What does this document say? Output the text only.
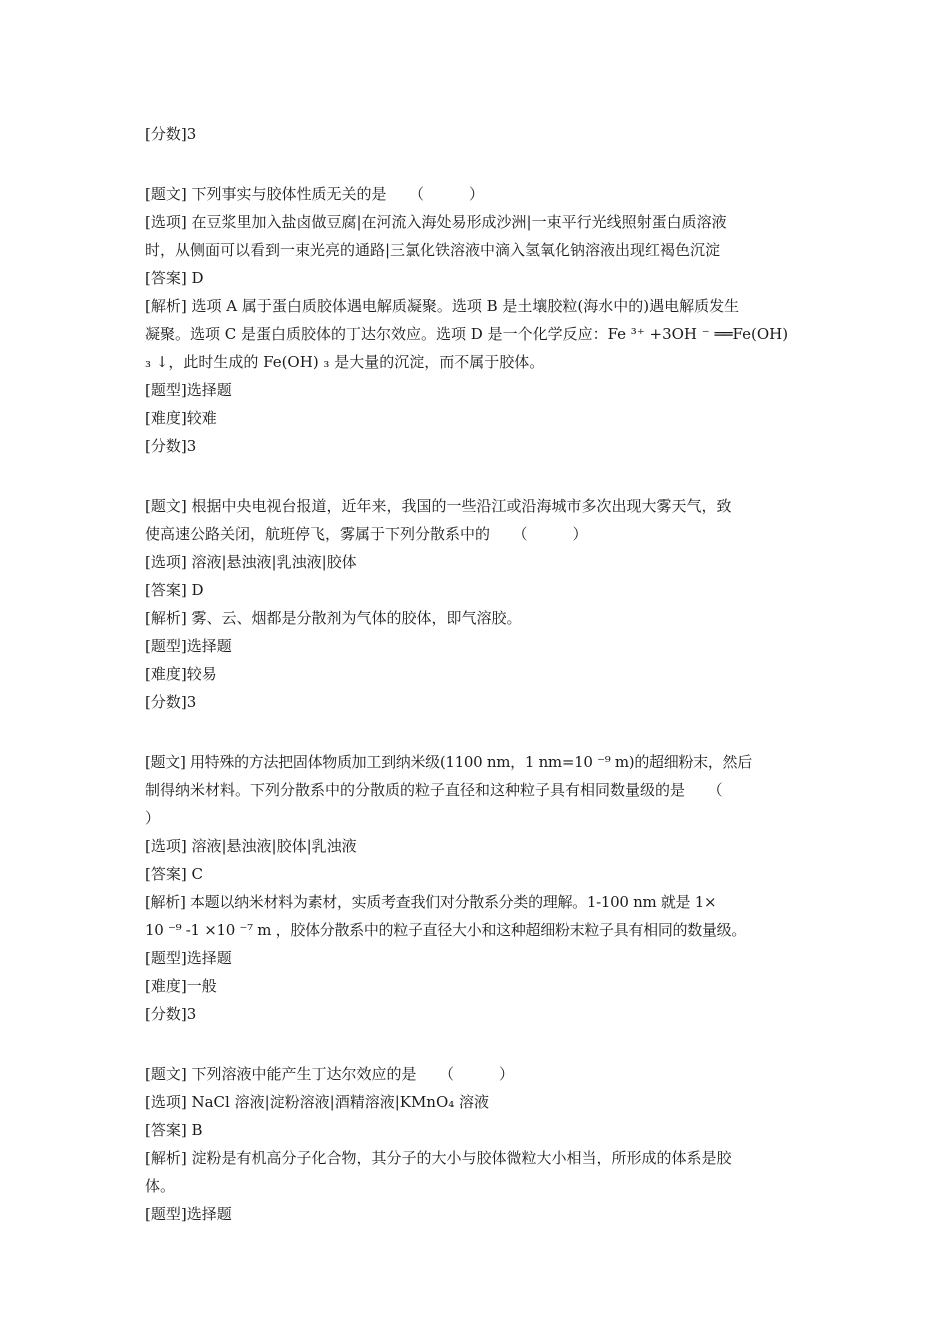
[分数]3
[题文] 下列事实与胶体性质无关的是　　（　　　）
[选项] 在豆浆里加入盐卤做豆腐|在河流入海处易形成沙洲|一束平行光线照射蛋白质溶液
时，从侧面可以看到一束光亮的通路|三氯化铁溶液中滴入氢氧化钠溶液出现红褐色沉淀
[答案] D
[解析] 选项 A 属于蛋白质胶体遇电解质凝聚。选项 B 是土壤胶粒(海水中的)遇电解质发生
凝聚。选项 C 是蛋白质胶体的丁达尔效应。选项 D 是一个化学反应：Fe ³⁺ +3OH ⁻ ══Fe(OH)
₃ ↓，此时生成的 Fe(OH) ₃ 是大量的沉淀，而不属于胶体。
[题型]选择题
[难度]较难
[分数]3
[题文] 根据中央电视台报道，近年来，我国的一些沿江或沿海城市多次出现大雾天气，致
使高速公路关闭，航班停飞，雾属于下列分散系中的　　（　　　）
[选项] 溶液|悬浊液|乳浊液|胶体
[答案] D
[解析] 雾、云、烟都是分散剂为气体的胶体，即气溶胶。
[题型]选择题
[难度]较易
[分数]3
[题文] 用特殊的方法把固体物质加工到纳米级(1100 nm，1 nm=10 ⁻⁹ m)的超细粉末，然后
制得纳米材料。下列分散系中的分散质的粒子直径和这种粒子具有相同数量级的是　　（
）
[选项] 溶液|悬浊液|胶体|乳浊液
[答案] C
[解析] 本题以纳米材料为素材，实质考查我们对分散系分类的理解。1-100 nm 就是 1×
10 ⁻⁹ -1 ×10 ⁻⁷ m ，胶体分散系中的粒子直径大小和这种超细粉末粒子具有相同的数量级。
[题型]选择题
[难度]一般
[分数]3
[题文] 下列溶液中能产生丁达尔效应的是　　（　　　）
[选项] NaCl 溶液|淀粉溶液|酒精溶液|KMnO₄ 溶液
[答案] B
[解析] 淀粉是有机高分子化合物，其分子的大小与胶体微粒大小相当，所形成的体系是胶
体。
[题型]选择题
